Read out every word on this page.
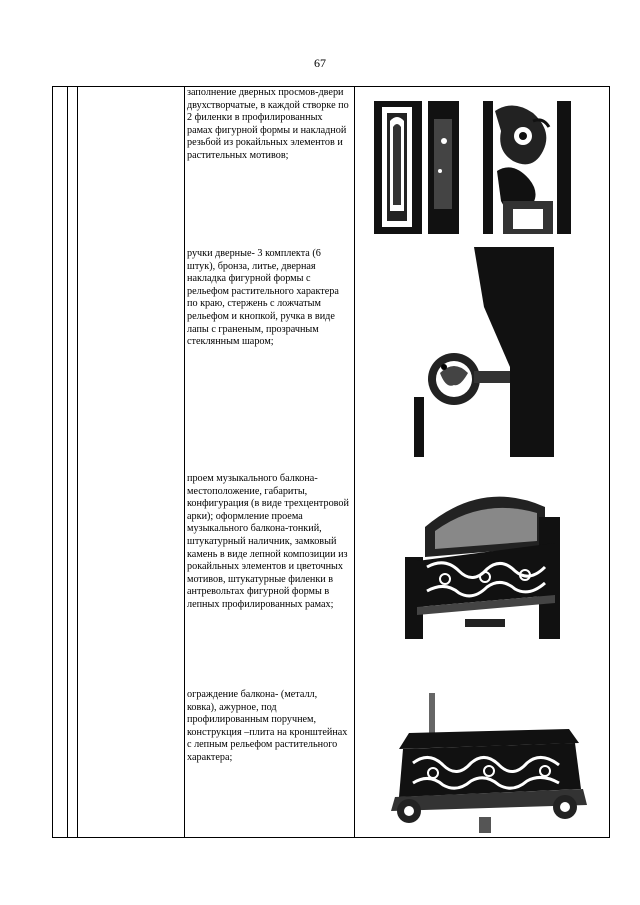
67
заполнение дверных просмов-двери двухстворчатые, в каждой створке по 2 филенки в профилированных рамах фигурной формы и накладной резьбой из рокайльных элементов и растительных мотивов;
ручки дверные- 3 комплекта (6 штук), бронза, литье, дверная накладка фигурной формы с рельефом растительного характера по краю, стержень с ложчатым рельефом и кнопкой, ручка в виде лапы с граненым, прозрачным стеклянным шаром;
проем музыкального балкона-местоположение, габариты, конфигурация (в виде трехцентровой арки); оформление проема музыкального балкона-тонкий, штукатурный наличник, замковый камень в виде лепной композиции из рокайльных элементов и цветочных мотивов, штукатурные филенки в антревольтах фигурной формы в лепных профилированных рамах;
ограждение балкона- (металл, ковка), ажурное, под профилированным поручнем, конструкция –плита на кронштейнах с лепным рельефом растительного характера;
